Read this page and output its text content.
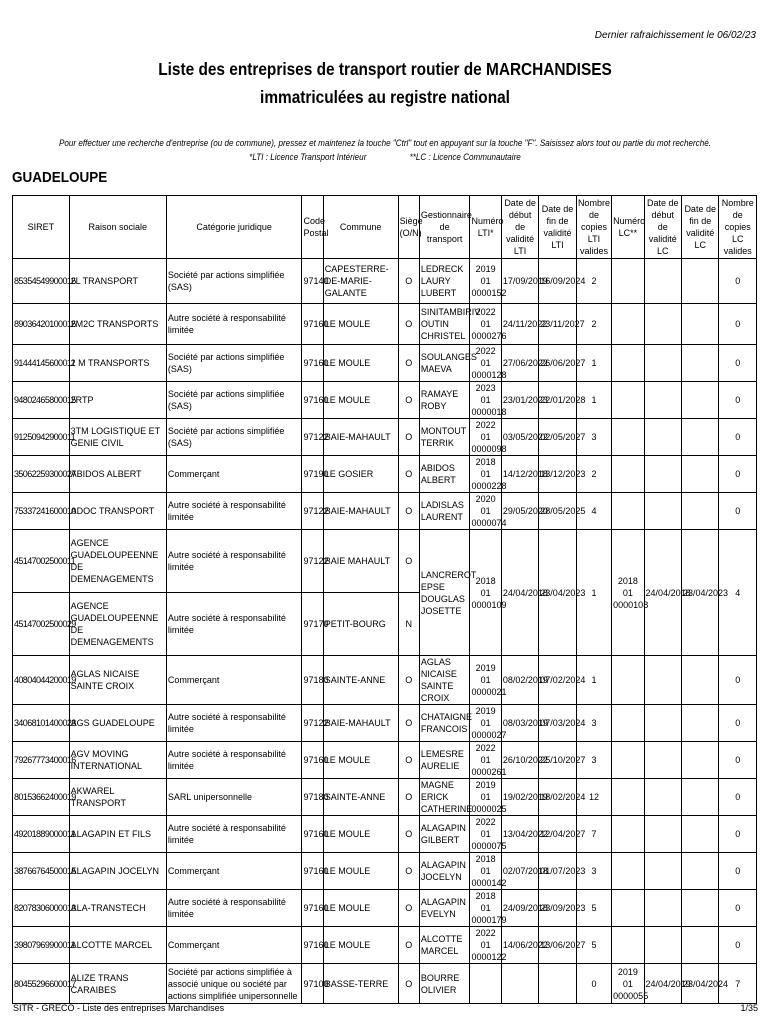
Dernier rafraichissement le 06/02/23
Liste des entreprises de transport routier de MARCHANDISES
immatriculées au registre national
Pour effectuer une recherche d'entreprise (ou de commune), pressez et maintenez la touche "Ctrl" tout en appuyant sur la touche "F". Saisissez alors tout ou partie du mot recherché.
*LTI : Licence Transport Intérieur	**LC : Licence Communautaire
GUADELOUPE
SIRET	Raison sociale	Catégorie juridique	Code Postal	Commune	Siège (O/N)	Gestionnaire de transport	Numéro LTI*	Date de début de validité LTI	Date de fin de validité LTI	Nombre de copies LTI valides	Numéro LC**	Date de début de validité LC	Date de fin de validité LC	Nombre de copies LC valides
85354549900016	2L TRANSPORT	Société par actions simplifiée (SAS)	97140	CAPESTERRE-DE-MARIE-GALANTE	O	LEDRECK LAURY LUBERT	2019 01 0000152	17/09/2019	16/09/2024	2				0
89036420100016	2M2C TRANSPORTS	Autre société à responsabilité limitée	97160	LE MOULE	O	SINITAMBIRIV OUTIN CHRISTEL	2022 01 0000276	24/11/2022	23/11/2027	2				0
91444145600011	2 M TRANSPORTS	Société par actions simplifiée (SAS)	97160	LE MOULE	O	SOULANGES MAEVA	2022 01 0000128	27/06/2022	26/06/2027	1				0
94802465800015	2RTP	Société par actions simplifiée (SAS)	97160	LE MOULE	O	RAMAYE ROBY	2023 01 0000018	23/01/2023	22/01/2028	1				0
91250942900011	3TM LOGISTIQUE ET GENIE CIVIL	Société par actions simplifiée (SAS)	97122	BAIE-MAHAULT	O	MONTOUT TERRIK	2022 01 0000098	03/05/2022	02/05/2027	3				0
35062259300027	ABIDOS ALBERT	Commerçant	97190	LE GOSIER	O	ABIDOS ALBERT	2018 01 0000228	14/12/2018	13/12/2023	2				0
75337241600010	ADOC TRANSPORT	Autre société à responsabilité limitée	97122	BAIE-MAHAULT	O	LADISLAS LAURENT	2020 01 0000074	29/05/2020	28/05/2025	4				0
45147002500011	AGENCE GUADELOUPEENNE DE DEMENAGEMENTS	Autre société à responsabilité limitée	97122	BAIE MAHAULT	O	LANCREROT EPSE DOUGLAS JOSETTE	2018 01 0000109	24/04/2018	23/04/2023	1	2018 01 0000108	24/04/2018	23/04/2023	4
45147002500029	AGENCE GUADELOUPEENNE DE DEMENAGEMENTS	Autre société à responsabilité limitée	97170	PETIT-BOURG	N									
40804044200019	AGLAS NICAISE SAINTE CROIX	Commerçant	97180	SAINTE-ANNE	O	AGLAS NICAISE SAINTE CROIX	2019 01 0000021	08/02/2019	07/02/2024	1				0
34068101400023	AGS GUADELOUPE	Autre société à responsabilité limitée	97122	BAIE-MAHAULT	O	CHATAIGNE FRANCOIS	2019 01 0000027	08/03/2019	07/03/2024	3				0
79267773400016	AGV MOVING INTERNATIONAL	Autre société à responsabilité limitée	97160	LE MOULE	O	LEMESRE AURELIE	2022 01 0000261	26/10/2022	25/10/2027	3				0
80153662400019	AKWAREL TRANSPORT	SARL unipersonnelle	97180	SAINTE-ANNE	O	MAGNE ERICK CATHERINE	2019 01 0000025	19/02/2019	18/02/2024	12				0
49201889000011	ALAGAPIN ET FILS	Autre société à responsabilité limitée	97160	LE MOULE	O	ALAGAPIN GILBERT	2022 01 0000075	13/04/2022	12/04/2027	7				0
38766764500015	ALAGAPIN JOCELYN	Commerçant	97160	LE MOULE	O	ALAGAPIN JOCELYN	2018 01 0000142	02/07/2018	01/07/2023	3				0
82078306000013	ALA-TRANSTECH	Autre société à responsabilité limitée	97160	LE MOULE	O	ALAGAPIN EVELYN	2018 01 0000179	24/09/2018	23/09/2023	5				0
39807969900011	ALCOTTE MARCEL	Commerçant	97160	LE MOULE	O	ALCOTTE MARCEL	2022 01 0000122	14/06/2022	13/06/2027	5				0
80455296600017	ALIZE TRANS CARAIBES	Société par actions simplifiée à associé unique ou société par actions simplifiée unipersonnelle	97100	BASSE-TERRE	O	BOURRE OLIVIER				0	2019 01 0000055	24/04/2019	23/04/2024	7
SITR - GRECO - Liste des entreprises Marchandises	1/35
